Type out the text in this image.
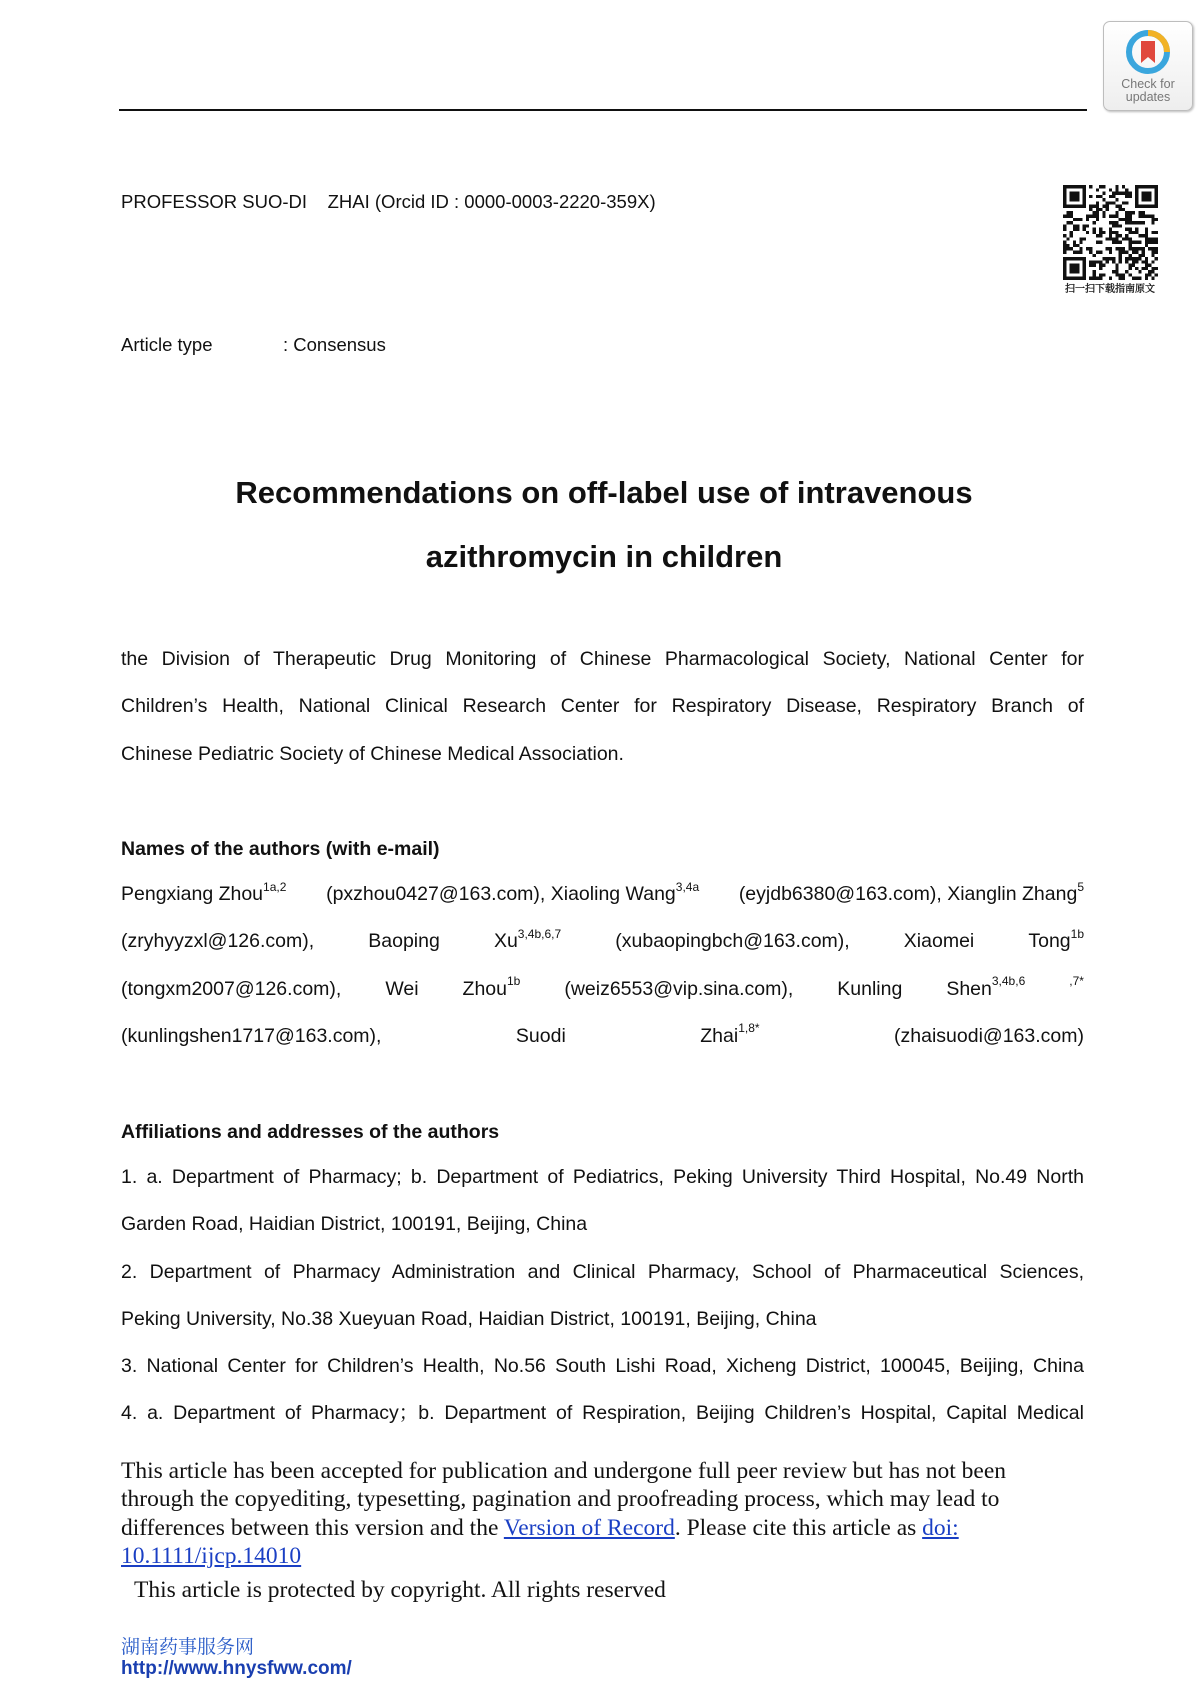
Check for
updates
PROFESSOR SUO-DI    ZHAI (Orcid ID : 0000-0003-2220-359X)
Article type	: Consensus
扫一扫下载指南原文
Recommendations on off-label use of intravenous
azithromycin in children
the Division of Therapeutic Drug Monitoring of Chinese Pharmacological Society, National Center for
Children’s Health, National Clinical Research Center for Respiratory Disease, Respiratory Branch of
Chinese Pediatric Society of Chinese Medical Association.
Names of the authors (with e-mail)
Pengxiang Zhou$^{1a,2}$ (pxzhou0427@163.com), Xiaoling Wang$^{3,4a}$ (eyjdb6380@163.com), Xianglin Zhang$^5$
(zryhyyzxl@126.com),	Baoping	$Xu^{3,4b,6,7}$	(xubaopingbch@163.com),	Xiaomei	Tong$^{1b}$
(tongxm2007@126.com), Wei Zhou$^{1b}$ (weiz6553@vip.sina.com), Kunling Shen$^{3,4b,6}$	$^{,7*}$
(kunlingshen1717@163.com), Suodi Zhai$^{1,8*}$ (zhaisuodi@163.com)
Affiliations and addresses of the authors
1. a. Department of Pharmacy; b. Department of Pediatrics, Peking University Third Hospital, No.49 North
Garden Road, Haidian District, 100191, Beijing, China
2. Department of Pharmacy Administration and Clinical Pharmacy, School of Pharmaceutical Sciences,
Peking University, No.38 Xueyuan Road, Haidian District, 100191, Beijing, China
3. National Center for Children’s Health, No.56 South Lishi Road, Xicheng District, 100045, Beijing, China
4. a. Department of Pharmacy；b. Department of Respiration, Beijing Children’s Hospital, Capital Medical
This article has been accepted for publication and undergone full peer review but has not been
through the copyediting, typesetting, pagination and proofreading process, which may lead to
differences between this version and the Version of Record. Please cite this article as doi:
10.1111/ijcp.14010
This article is protected by copyright. All rights reserved
湖南药事服务网
http://www.hnysfww.com/
